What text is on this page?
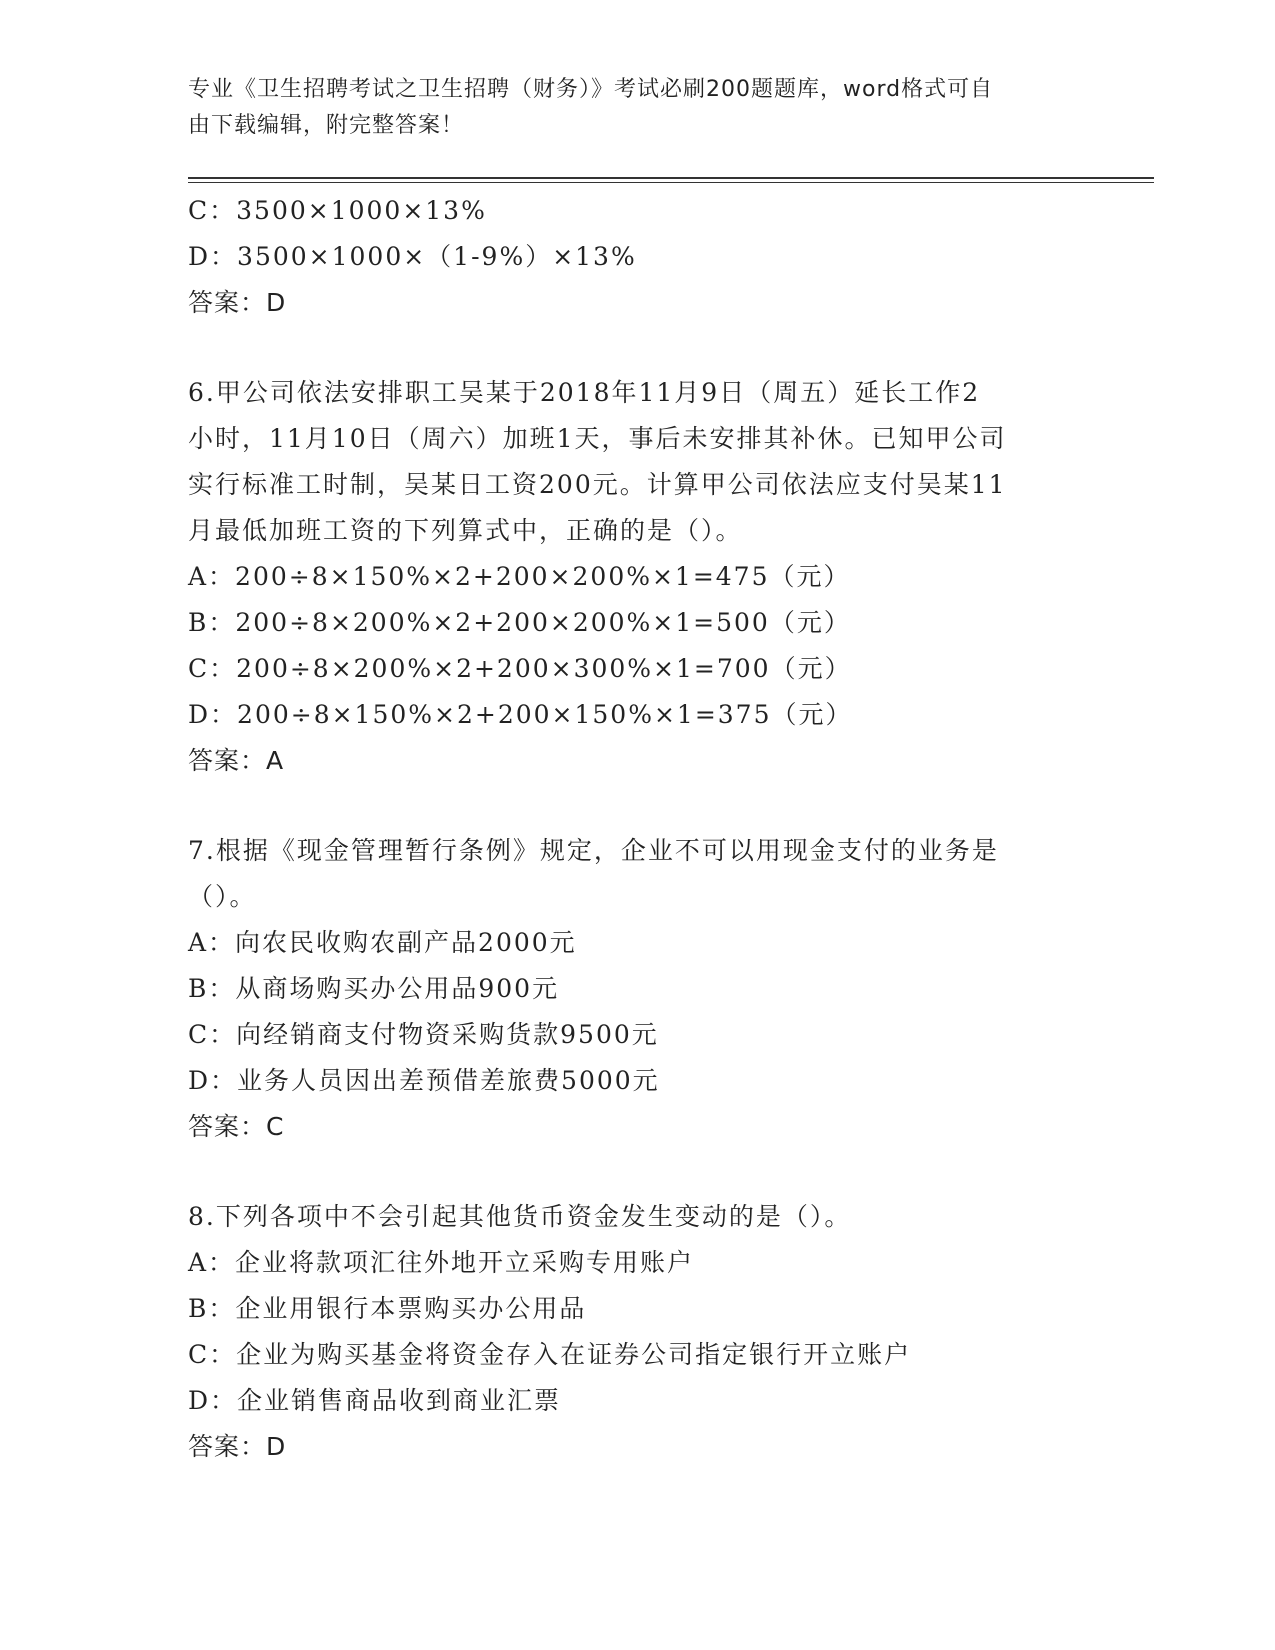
专业《卫生招聘考试之卫生招聘（财务）》考试必刷200题题库，word格式可自
由下载编辑，附完整答案！
C：3500×1000×13%
D：3500×1000×（1-9%）×13%
答案：D
6.甲公司依法安排职工吴某于2018年11月9日（周五）延长工作2
小时，11月10日（周六）加班1天，事后未安排其补休。已知甲公司
实行标准工时制，吴某日工资200元。计算甲公司依法应支付吴某11
月最低加班工资的下列算式中，正确的是（）。
A：200÷8×150%×2+200×200%×1=475（元）
B：200÷8×200%×2+200×200%×1=500（元）
C：200÷8×200%×2+200×300%×1=700（元）
D：200÷8×150%×2+200×150%×1=375（元）
答案：A
7.根据《现金管理暂行条例》规定，企业不可以用现金支付的业务是
（）。
A：向农民收购农副产品2000元
B：从商场购买办公用品900元
C：向经销商支付物资采购货款9500元
D：业务人员因出差预借差旅费5000元
答案：C
8.下列各项中不会引起其他货币资金发生变动的是（）。
A：企业将款项汇往外地开立采购专用账户
B：企业用银行本票购买办公用品
C：企业为购买基金将资金存入在证券公司指定银行开立账户
D：企业销售商品收到商业汇票
答案：D
